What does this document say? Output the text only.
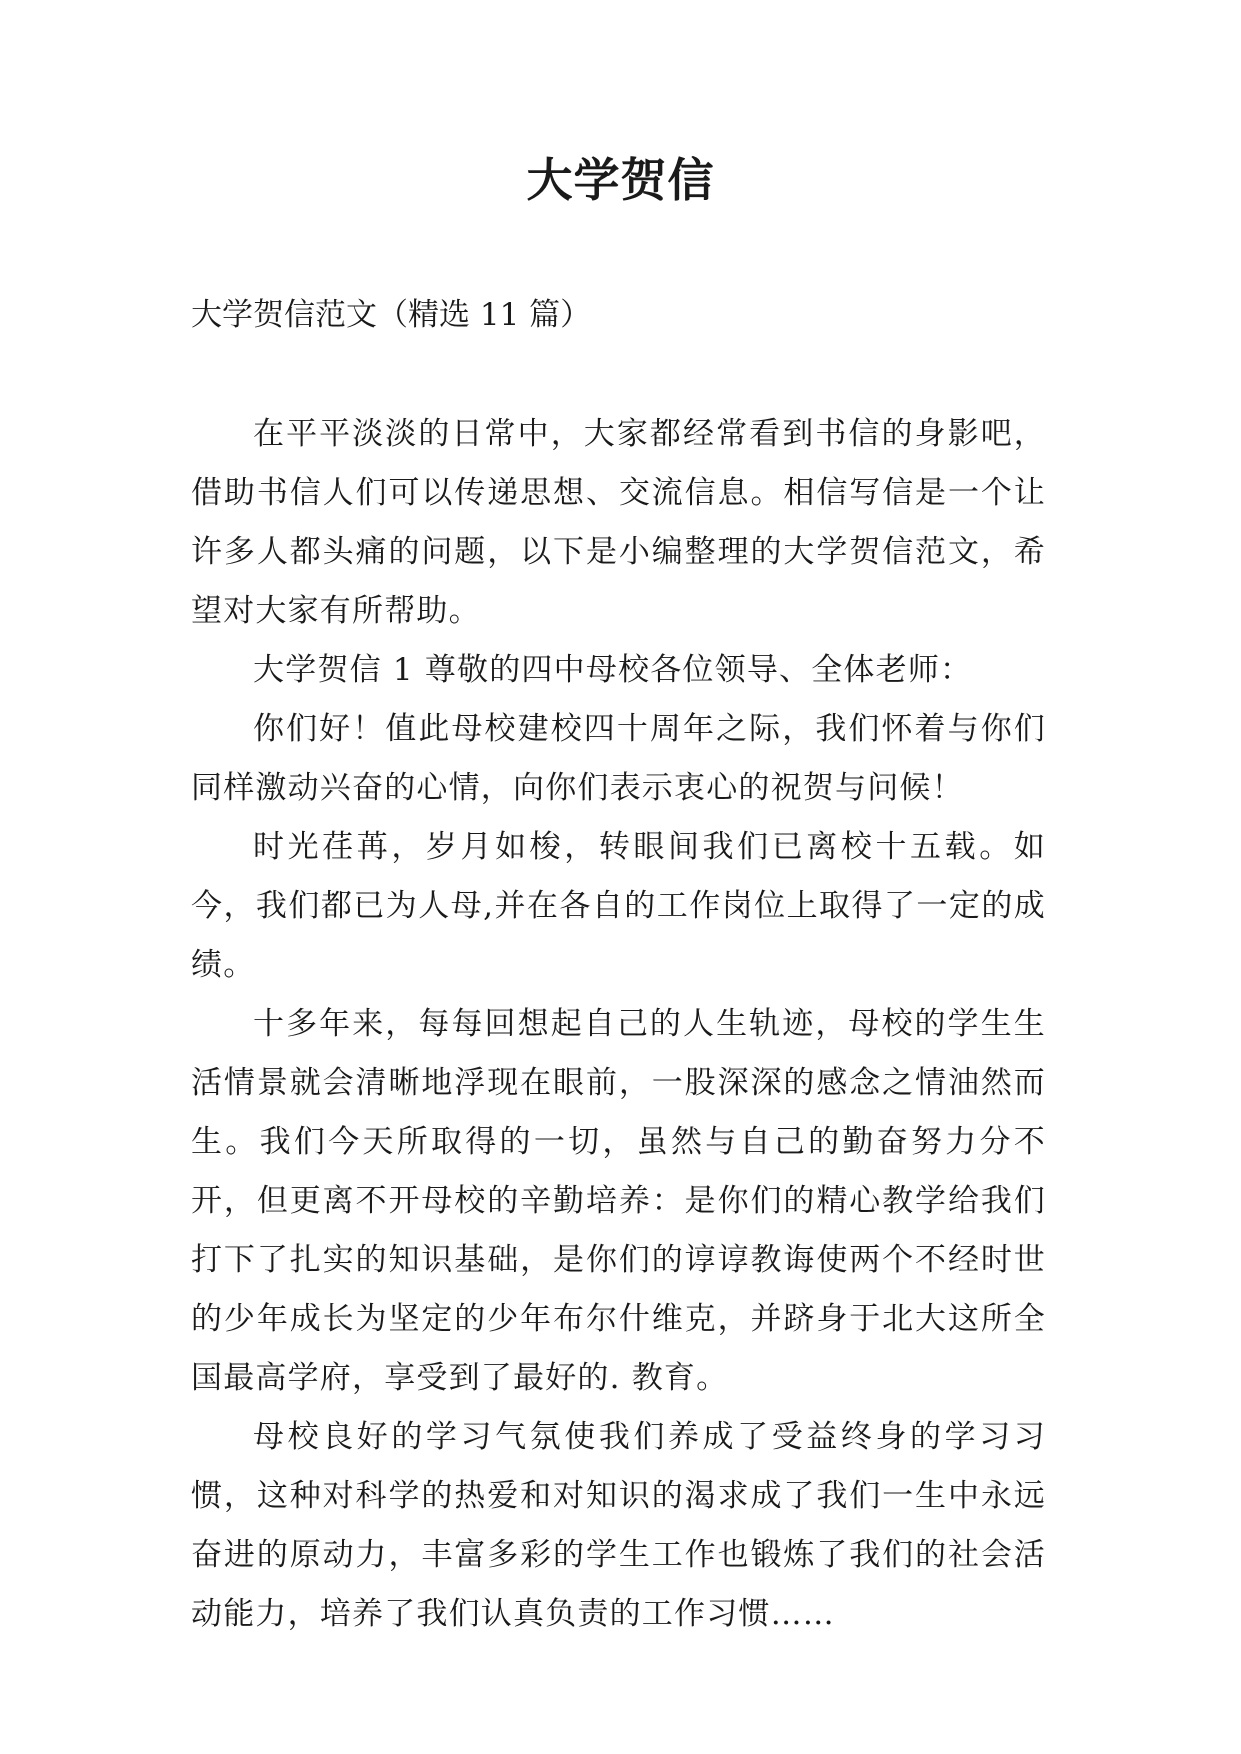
大学贺信

大学贺信范文（精选 11 篇）

在平平淡淡的日常中，大家都经常看到书信的身影吧，借助书信人们可以传递思想、交流信息。相信写信是一个让许多人都头痛的问题，以下是小编整理的大学贺信范文，希望对大家有所帮助。

大学贺信 1 尊敬的四中母校各位领导、全体老师：

你们好！值此母校建校四十周年之际，我们怀着与你们同样激动兴奋的心情，向你们表示衷心的祝贺与问候！

时光荏苒，岁月如梭，转眼间我们已离校十五载。如今，我们都已为人母,并在各自的工作岗位上取得了一定的成绩。

十多年来，每每回想起自己的人生轨迹，母校的学生生活情景就会清晰地浮现在眼前，一股深深的感念之情油然而生。我们今天所取得的一切，虽然与自己的勤奋努力分不开，但更离不开母校的辛勤培养：是你们的精心教学给我们打下了扎实的知识基础，是你们的谆谆教诲使两个不经时世的少年成长为坚定的少年布尔什维克，并跻身于北大这所全国最高学府，享受到了最好的. 教育。

母校良好的学习气氛使我们养成了受益终身的学习习惯，这种对科学的热爱和对知识的渴求成了我们一生中永远奋进的原动力，丰富多彩的学生工作也锻炼了我们的社会活动能力，培养了我们认真负责的工作习惯……
